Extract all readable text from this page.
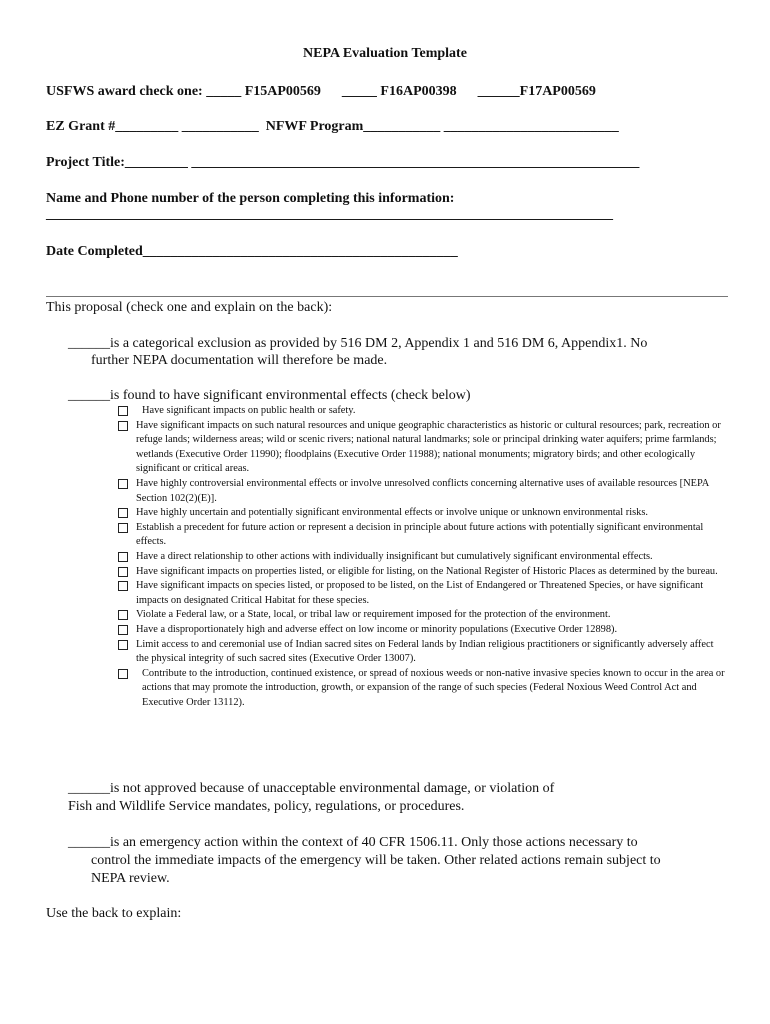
NEPA Evaluation Template
USFWS award check one: _____ F15AP00569      _____ F16AP00398      ______F17AP00569
EZ Grant #_________ ___________  NFWF Program___________ _________________________
Project Title:_________ ________________________________________________________________
Name and Phone number of the person completing this information:
_________________________________________________________________________________
Date Completed_____________________________________________
This proposal (check one and explain on the back):
______is a categorical exclusion as provided by 516 DM 2, Appendix 1 and 516 DM 6, Appendix1. No
further NEPA documentation will therefore be made.
______is found to have significant environmental effects (check below)
Have significant impacts on public health or safety.
Have significant impacts on such natural resources and unique geographic characteristics as historic or cultural resources; park, recreation or refuge lands; wilderness areas; wild or scenic rivers; national natural landmarks; sole or principal drinking water aquifers; prime farmlands; wetlands (Executive Order 11990); floodplains (Executive Order 11988); national monuments; migratory birds; and other ecologically significant or critical areas.
Have highly controversial environmental effects or involve unresolved conflicts concerning alternative uses of available resources [NEPA Section 102(2)(E)].
Have highly uncertain and potentially significant environmental effects or involve unique or unknown environmental risks.
Establish a precedent for future action or represent a decision in principle about future actions with potentially significant environmental effects.
Have a direct relationship to other actions with individually insignificant but cumulatively significant environmental effects.
Have significant impacts on properties listed, or eligible for listing, on the National Register of Historic Places as determined by the bureau.
Have significant impacts on species listed, or proposed to be listed, on the List of Endangered or Threatened Species, or have significant impacts on designated Critical Habitat for these species.
Violate a Federal law, or a State, local, or tribal law or requirement imposed for the protection of the environment.
Have a disproportionately high and adverse effect on low income or minority populations (Executive Order 12898).
Limit access to and ceremonial use of Indian sacred sites on Federal lands by Indian religious practitioners or significantly adversely affect the physical integrity of such sacred sites (Executive Order 13007).
Contribute to the introduction, continued existence, or spread of noxious weeds or non-native invasive species known to occur in the area or actions that may promote the introduction, growth, or expansion of the range of such species (Federal Noxious Weed Control Act and Executive Order 13112).
______is not approved because of unacceptable environmental damage, or violation of
Fish and Wildlife Service mandates, policy, regulations, or procedures.
______is an emergency action within the context of 40 CFR 1506.11. Only those actions necessary to
control the immediate impacts of the emergency will be taken. Other related actions remain subject to
NEPA review.
Use the back to explain:
